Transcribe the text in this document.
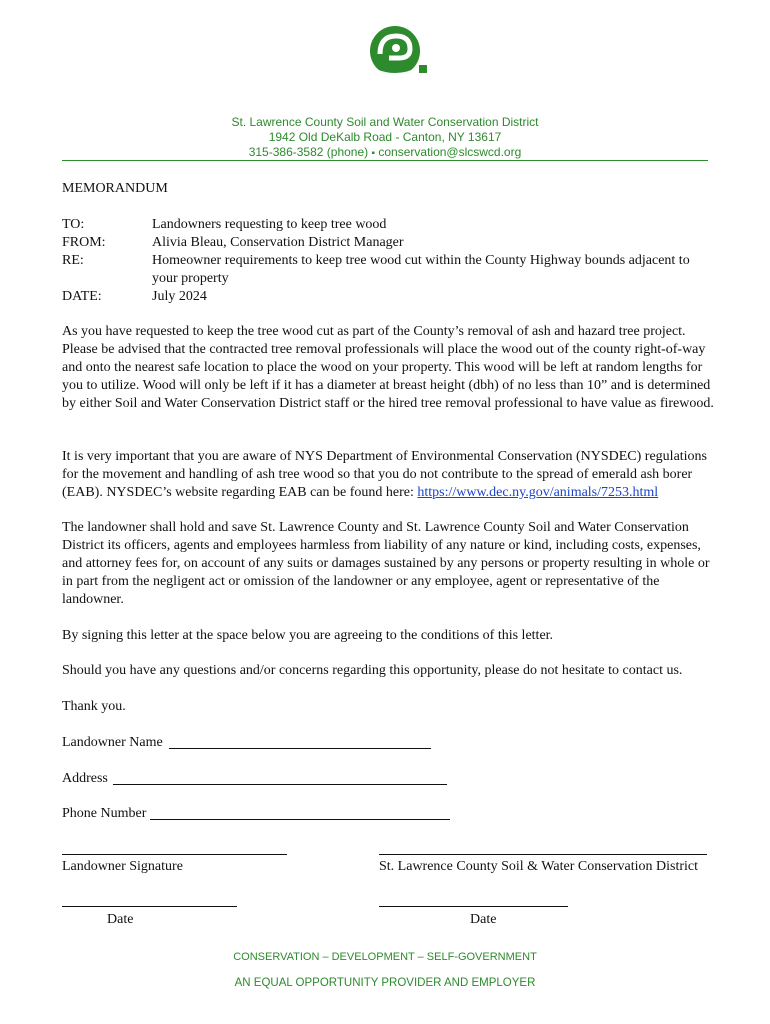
St. Lawrence County Soil and Water Conservation District
1942 Old DeKalb Road - Canton, NY 13617
315-386-3582 (phone) ▪ conservation@slcswcd.org
MEMORANDUM
TO:	Landowners requesting to keep tree wood
FROM:	Alivia Bleau, Conservation District Manager
RE:	Homeowner requirements to keep tree wood cut within the County Highway bounds adjacent to
your property
DATE:	July 2024
As you have requested to keep the tree wood cut as part of the County’s removal of ash and hazard tree project. Please be advised that the contracted tree removal professionals will place the wood out of the county right-of-way and onto the nearest safe location to place the wood on your property. This wood will be left at random lengths for you to utilize. Wood will only be left if it has a diameter at breast height (dbh) of no less than 10” and is determined by either Soil and Water Conservation District staff or the hired tree removal professional to have value as firewood.
It is very important that you are aware of NYS Department of Environmental Conservation (NYSDEC) regulations for the movement and handling of ash tree wood so that you do not contribute to the spread of emerald ash borer (EAB). NYSDEC’s website regarding EAB can be found here: https://www.dec.ny.gov/animals/7253.html
The landowner shall hold and save St. Lawrence County and St. Lawrence County Soil and Water Conservation District its officers, agents and employees harmless from liability of any nature or kind, including costs, expenses, and attorney fees for, on account of any suits or damages sustained by any persons or property resulting in whole or in part from the negligent act or omission of the landowner or any employee, agent or representative of the landowner.
By signing this letter at the space below you are agreeing to the conditions of this letter.
Should you have any questions and/or concerns regarding this opportunity, please do not hesitate to contact us.
Thank you.
Landowner Name
Address
Phone Number
Landowner Signature	St. Lawrence County Soil & Water Conservation District
Date	Date
CONSERVATION – DEVELOPMENT – SELF-GOVERNMENT
AN EQUAL OPPORTUNITY PROVIDER AND EMPLOYER
